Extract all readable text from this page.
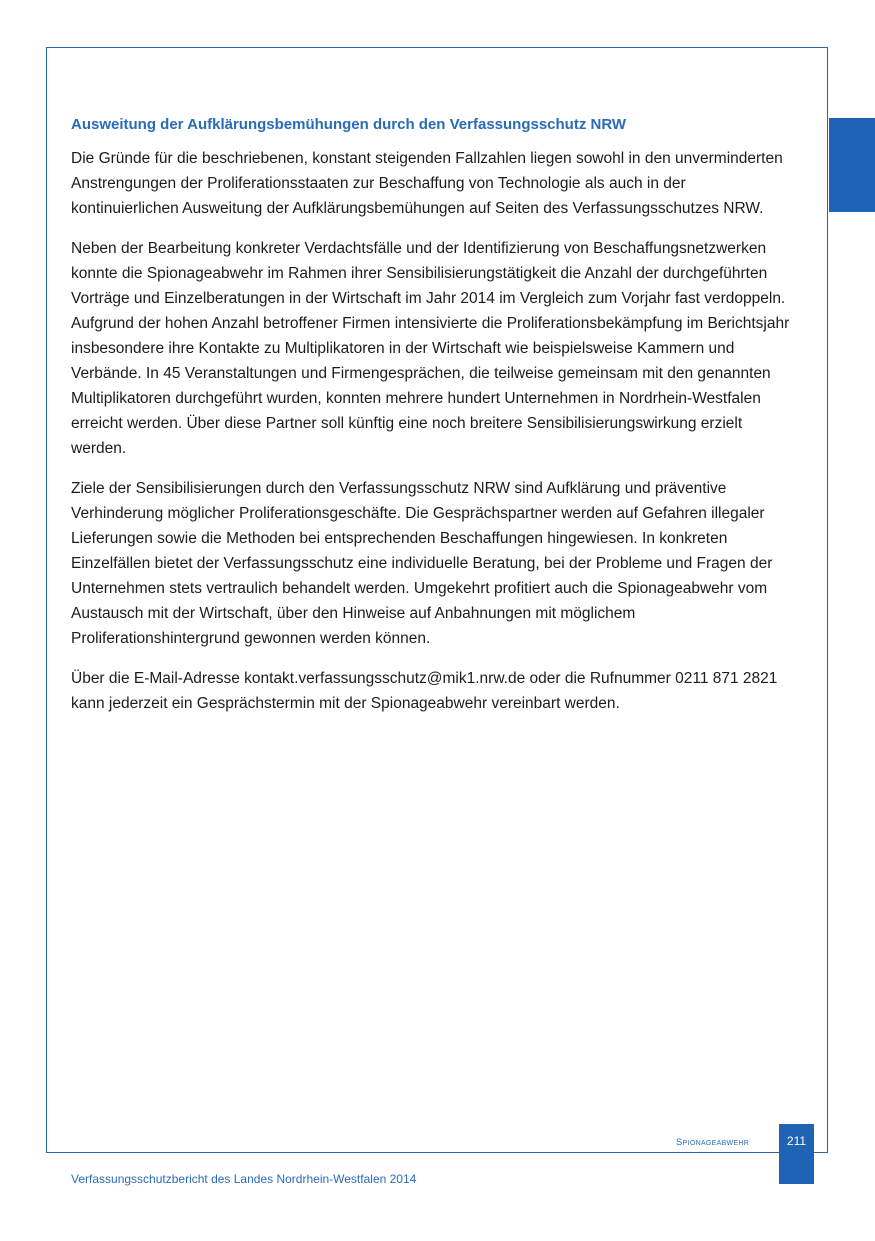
Ausweitung der Aufklärungsbemühungen durch den Verfassungsschutz NRW

Die Gründe für die beschriebenen, konstant steigenden Fallzahlen liegen sowohl in den unverminderten Anstrengungen der Proliferationsstaaten zur Beschaffung von Technologie als auch in der kontinuierlichen Ausweitung der Aufklärungsbemühungen auf Seiten des Verfassungsschutzes NRW.

Neben der Bearbeitung konkreter Verdachtsfälle und der Identifizierung von Beschaffungsnetzwerken konnte die Spionageabwehr im Rahmen ihrer Sensibilisierungstätigkeit die Anzahl der durchgeführten Vorträge und Einzelberatungen in der Wirtschaft im Jahr 2014 im Vergleich zum Vorjahr fast verdoppeln. Aufgrund der hohen Anzahl betroffener Firmen intensivierte die Proliferationsbekämpfung im Berichtsjahr insbesondere ihre Kontakte zu Multiplikatoren in der Wirtschaft wie beispielsweise Kammern und Verbände. In 45 Veranstaltungen und Firmengesprächen, die teilweise gemeinsam mit den genannten Multiplikatoren durchgeführt wurden, konnten mehrere hundert Unternehmen in Nordrhein-Westfalen erreicht werden. Über diese Partner soll künftig eine noch breitere Sensibilisierungswirkung erzielt werden.

Ziele der Sensibilisierungen durch den Verfassungsschutz NRW sind Aufklärung und präventive Verhinderung möglicher Proliferationsgeschäfte. Die Gesprächspartner werden auf Gefahren illegaler Lieferungen sowie die Methoden bei entsprechenden Beschaffungen hingewiesen. In konkreten Einzelfällen bietet der Verfassungsschutz eine individuelle Beratung, bei der Probleme und Fragen der Unternehmen stets vertraulich behandelt werden. Umgekehrt profitiert auch die Spionageabwehr vom Austausch mit der Wirtschaft, über den Hinweise auf Anbahnungen mit möglichem Proliferationshintergrund gewonnen werden können.

Über die E-Mail-Adresse kontakt.verfassungsschutz@mik1.nrw.de oder die Rufnummer 0211 871 2821 kann jederzeit ein Gesprächstermin mit der Spionageabwehr vereinbart werden.

Spionageabwehr	211
Verfassungsschutzbericht des Landes Nordrhein-Westfalen 2014
